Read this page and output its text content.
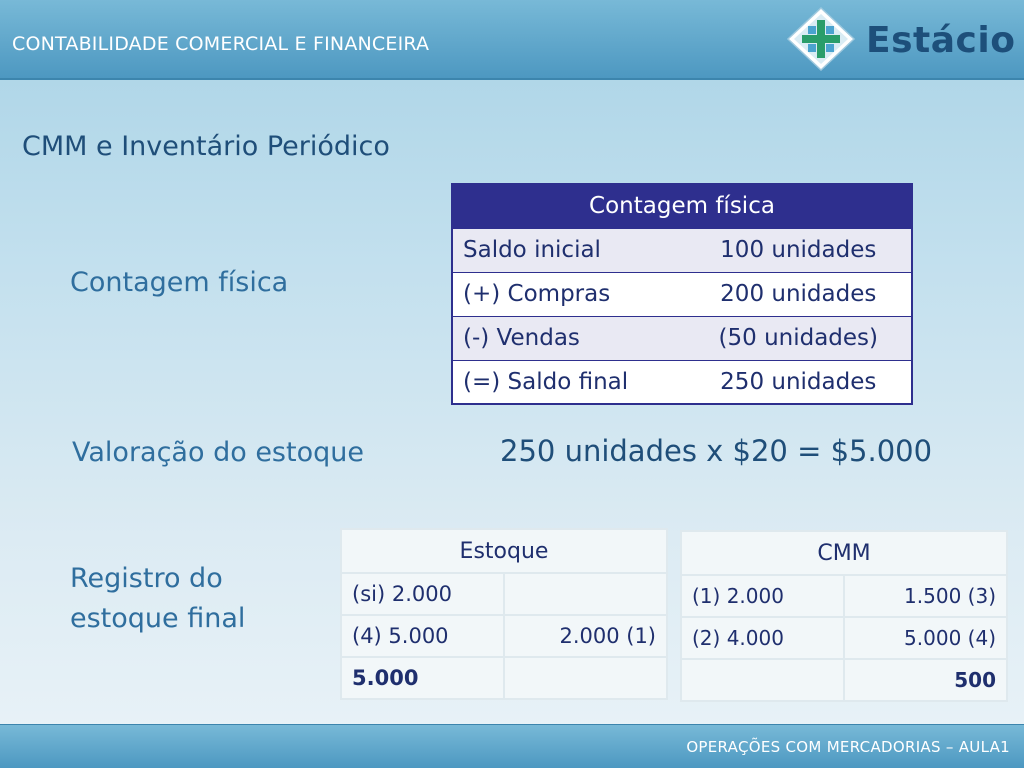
CONTABILIDADE COMERCIAL E FINANCEIRA	Estácio
CMM e Inventário Periódico
Contagem física
Contagem física	
Saldo inicial	100 unidades
(+) Compras	200 unidades
(-) Vendas	(50 unidades)
(=) Saldo final	250 unidades
Valoração do estoque	250 unidades x $20 = $5.000
Registro do
estoque final
Estoque	
(si) 2.000	
(4) 5.000	2.000 (1)
5.000	
CMM	
(1) 2.000	1.500 (3)
(2) 4.000	5.000 (4)
	500
OPERAÇÕES COM MERCADORIAS – AULA1
